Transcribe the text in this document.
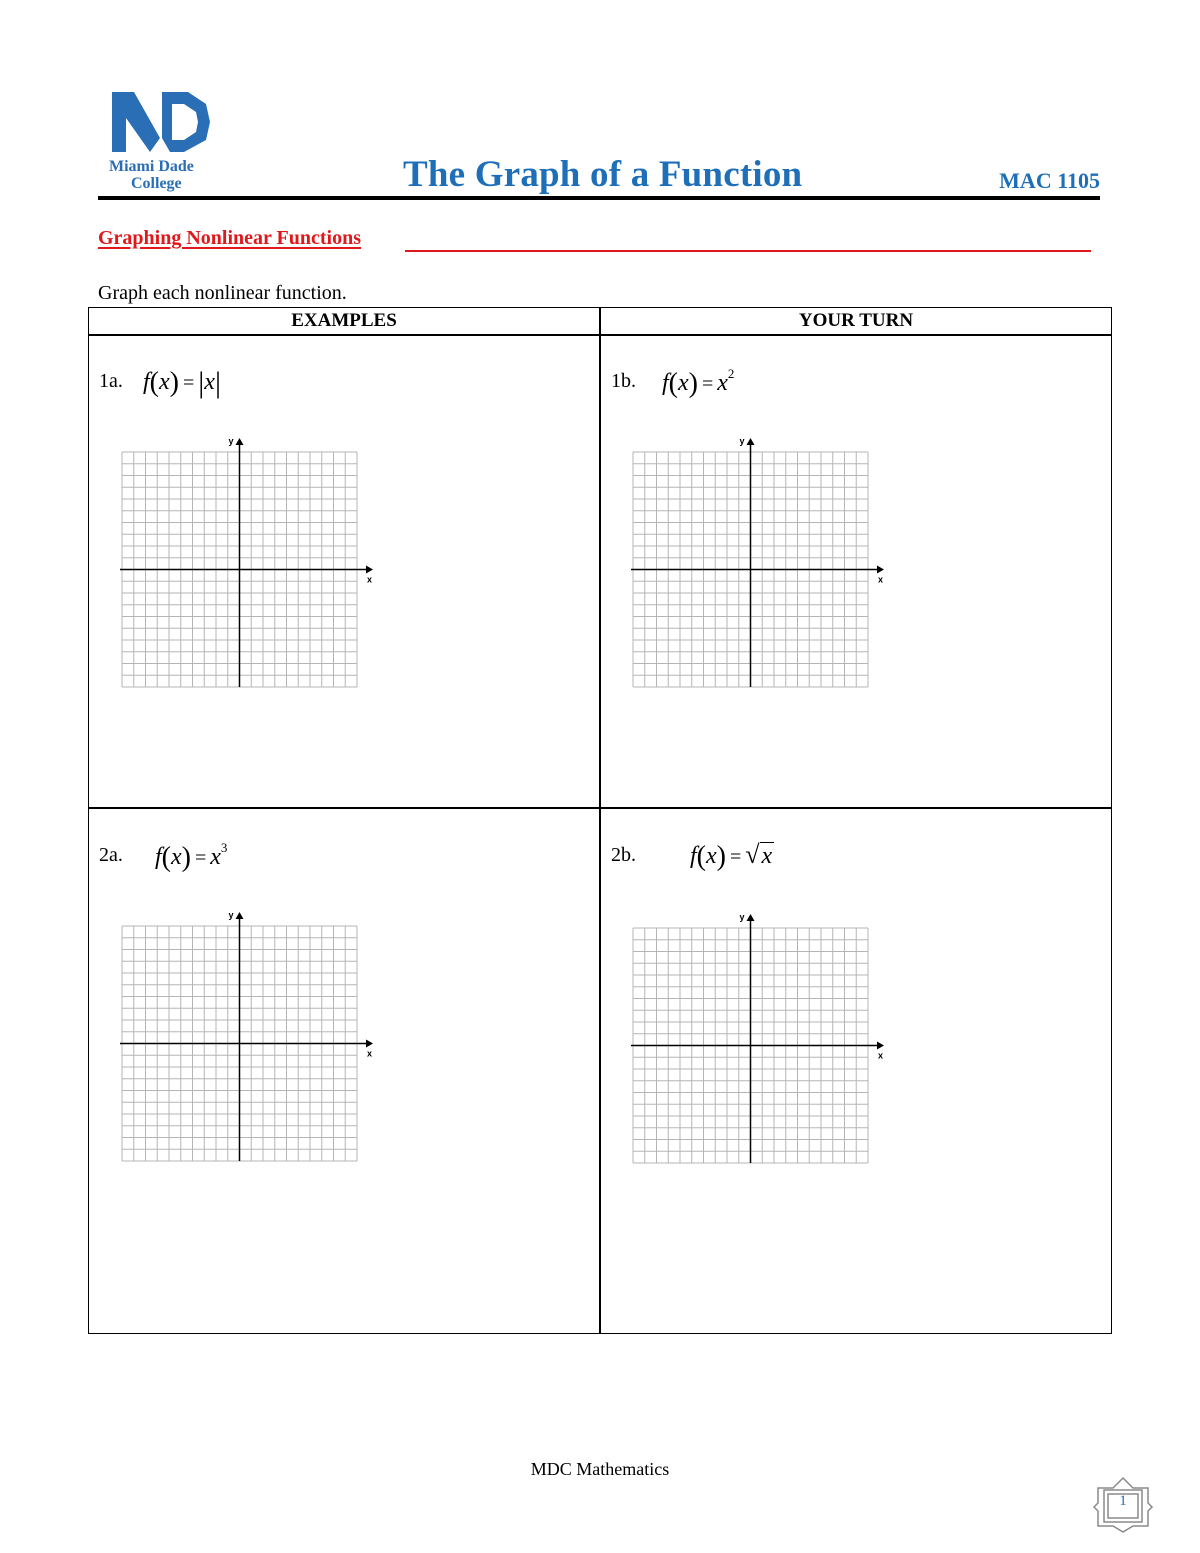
Miami Dade
College	The Graph of a Function	MAC 1105
Graphing Nonlinear Functions
Graph each nonlinear function.
EXAMPLES	YOUR TURN
1a. f(x) = |x|	1b. $f(x) = x^2$
2a. $f(x) = x^3$	2b. f(x) = √x
x
y
x
y
x
y
x
y
MDC Mathematics
1
